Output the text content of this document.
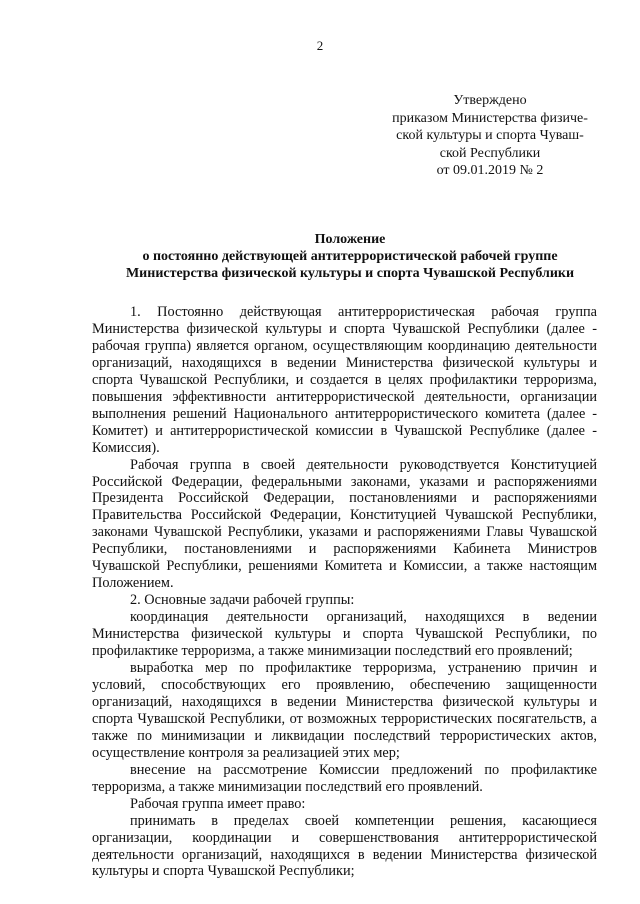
2
Утверждено
приказом Министерства физиче-
ской культуры и спорта Чуваш-
ской Республики
от 09.01.2019 № 2
Положение
о постоянно действующей антитеррористической рабочей группе
Министерства физической культуры и спорта Чувашской Республики

1. Постоянно действующая антитеррористическая рабочая группа Министерства физической культуры и спорта Чувашской Республики (далее - рабочая группа) является органом, осуществляющим координацию деятельности организаций, находящихся в ведении Министерства физической культуры и спорта Чувашской Республики, и создается в целях профилактики терроризма, повышения эффективности антитеррористической деятельности, организации выполнения решений Национального антитеррористического комитета (далее - Комитет) и антитеррористической комиссии в Чувашской Республике (далее - Комиссия).

Рабочая группа в своей деятельности руководствуется Конституцией Российской Федерации, федеральными законами, указами и распоряжениями Президента Российской Федерации, постановлениями и распоряжениями Правительства Российской Федерации, Конституцией Чувашской Республики, законами Чувашской Республики, указами и распоряжениями Главы Чувашской Республики, постановлениями и распоряжениями Кабинета Министров Чувашской Республики, решениями Комитета и Комиссии, а также настоящим Положением.

2. Основные задачи рабочей группы:

координация деятельности организаций, находящихся в ведении Министерства физической культуры и спорта Чувашской Республики, по профилактике терроризма, а также минимизации последствий его проявлений;

выработка мер по профилактике терроризма, устранению причин и условий, способствующих его проявлению, обеспечению защищенности организаций, находящихся в ведении Министерства физической культуры и спорта Чувашской Республики, от возможных террористических посягательств, а также по минимизации и ликвидации последствий террористических актов, осуществление контроля за реализацией этих мер;

внесение на рассмотрение Комиссии предложений по профилактике терроризма, а также минимизации последствий его проявлений.

Рабочая группа имеет право:

принимать в пределах своей компетенции решения, касающиеся организации, координации и совершенствования антитеррористической деятельности организаций, находящихся в ведении Министерства физической культуры и спорта Чувашской Республики;
